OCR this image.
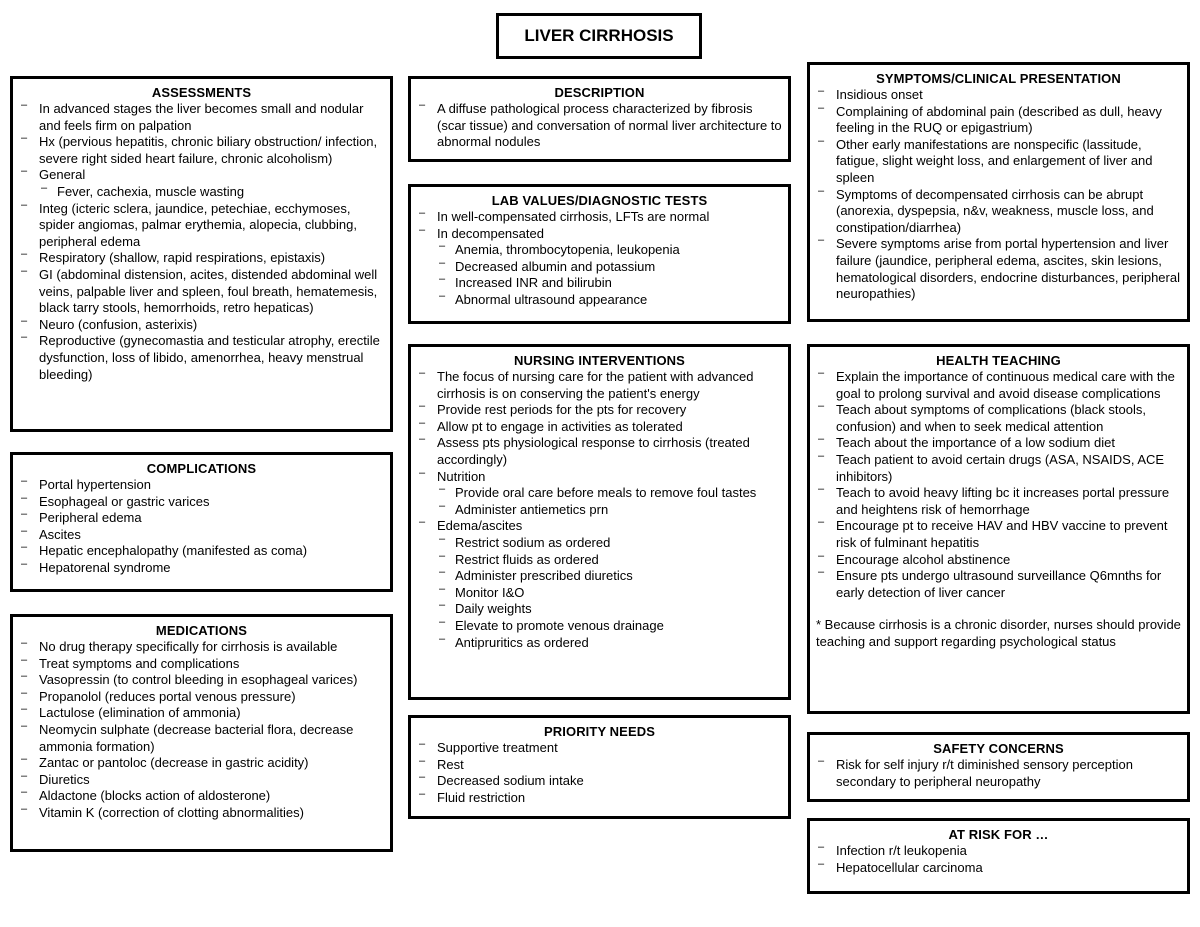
LIVER CIRRHOSIS
ASSESSMENTS
– In advanced stages the liver becomes small and nodular and feels firm on palpation
– Hx (pervious hepatitis, chronic biliary obstruction/ infection, severe right sided heart failure, chronic alcoholism)
– General
– Fever, cachexia, muscle wasting
– Integ (icteric sclera, jaundice, petechiae, ecchymoses, spider angiomas, palmar erythemia, alopecia, clubbing, peripheral edema
– Respiratory (shallow, rapid respirations, epistaxis)
– GI (abdominal distension, acites, distended abdominal well veins, palpable liver and spleen, foul breath, hematemesis, black tarry stools, hemorrhoids, retro hepaticas)
– Neuro (confusion, asterixis)
– Reproductive (gynecomastia and testicular atrophy, erectile dysfunction, loss of libido, amenorrhea, heavy menstrual bleeding)
COMPLICATIONS
– Portal hypertension
– Esophageal or gastric varices
– Peripheral edema
– Ascites
– Hepatic encephalopathy (manifested as coma)
– Hepatorenal syndrome
MEDICATIONS
– No drug therapy specifically for cirrhosis is available
– Treat symptoms and complications
– Vasopressin (to control bleeding in esophageal varices)
– Propanolol (reduces portal venous pressure)
– Lactulose (elimination of ammonia)
– Neomycin sulphate (decrease bacterial flora, decrease ammonia formation)
– Zantac or pantoloc (decrease in gastric acidity)
– Diuretics
– Aldactone (blocks action of aldosterone)
– Vitamin K (correction of clotting abnormalities)
DESCRIPTION
– A diffuse pathological process characterized by fibrosis (scar tissue) and conversation of normal liver architecture to abnormal nodules
LAB VALUES/DIAGNOSTIC TESTS
– In well-compensated cirrhosis, LFTs are normal
– In decompensated
– Anemia, thrombocytopenia, leukopenia
– Decreased albumin and potassium
– Increased INR and bilirubin
– Abnormal ultrasound appearance
NURSING INTERVENTIONS
– The focus of nursing care for the patient with advanced cirrhosis is on conserving the patient's energy
– Provide rest periods for the pts for recovery
– Allow pt to engage in activities as tolerated
– Assess pts physiological response to cirrhosis (treated accordingly)
– Nutrition
– Provide oral care before meals to remove foul tastes
– Administer antiemetics prn
– Edema/ascites
– Restrict sodium as ordered
– Restrict fluids as ordered
– Administer prescribed diuretics
– Monitor I&O
– Daily weights
– Elevate to promote venous drainage
– Antipruritics as ordered
PRIORITY NEEDS
– Supportive treatment
– Rest
– Decreased sodium intake
– Fluid restriction
SYMPTOMS/CLINICAL PRESENTATION
– Insidious onset
– Complaining of abdominal pain (described as dull, heavy feeling in the RUQ or epigastrium)
– Other early manifestations are nonspecific (lassitude, fatigue, slight weight loss, and enlargement of liver and spleen
– Symptoms of decompensated cirrhosis can be abrupt (anorexia, dyspepsia, n&v, weakness, muscle loss, and constipation/diarrhea)
– Severe symptoms arise from portal hypertension and liver failure (jaundice, peripheral edema, ascites, skin lesions, hematological disorders, endocrine disturbances, peripheral neuropathies)
HEALTH TEACHING
– Explain the importance of continuous medical care with the goal to prolong survival and avoid disease complications
– Teach about symptoms of complications (black stools, confusion) and when to seek medical attention
– Teach about the importance of a low sodium diet
– Teach patient to avoid certain drugs (ASA, NSAIDS, ACE inhibitors)
– Teach to avoid heavy lifting bc it increases portal pressure and heightens risk of hemorrhage
– Encourage pt to receive HAV and HBV vaccine to prevent risk of fulminant hepatitis
– Encourage alcohol abstinence
– Ensure pts undergo ultrasound surveillance Q6mnths for early detection of liver cancer

* Because cirrhosis is a chronic disorder, nurses should provide teaching and support regarding psychological status

SAFETY CONCERNS
– Risk for self injury r/t diminished sensory perception secondary to peripheral neuropathy
AT RISK FOR …
– Infection r/t leukopenia
– Hepatocellular carcinoma
